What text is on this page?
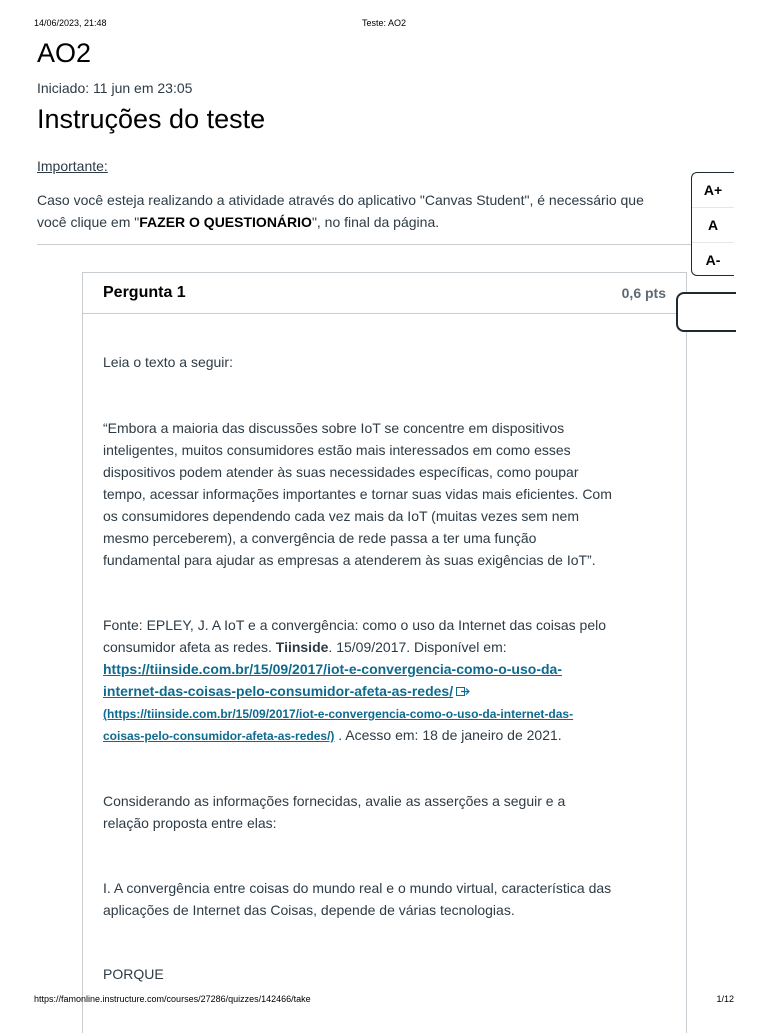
14/06/2023, 21:48	Teste: AO2
AO2
Iniciado: 11 jun em 23:05
Instruções do teste
Importante:
Caso você esteja realizando a atividade através do aplicativo "Canvas Student", é necessário que
você clique em "FAZER O QUESTIONÁRIO", no final da página.
Pergunta 1	0,6 pts
Leia o texto a seguir:
“Embora a maioria das discussões sobre IoT se concentre em dispositivos
inteligentes, muitos consumidores estão mais interessados em como esses
dispositivos podem atender às suas necessidades específicas, como poupar
tempo, acessar informações importantes e tornar suas vidas mais eficientes. Com
os consumidores dependendo cada vez mais da IoT (muitas vezes sem nem
mesmo perceberem), a convergência de rede passa a ter uma função
fundamental para ajudar as empresas a atenderem às suas exigências de IoT”.
Fonte: EPLEY, J. A IoT e a convergência: como o uso da Internet das coisas pelo
consumidor afeta as redes. Tiinside. 15/09/2017. Disponível em:
https://tiinside.com.br/15/09/2017/iot-e-convergencia-como-o-uso-da-
internet-das-coisas-pelo-consumidor-afeta-as-redes/
(https://tiinside.com.br/15/09/2017/iot-e-convergencia-como-o-uso-da-internet-das-
coisas-pelo-consumidor-afeta-as-redes/) . Acesso em: 18 de janeiro de 2021.
Considerando as informações fornecidas, avalie as asserções a seguir e a
relação proposta entre elas:
I. A convergência entre coisas do mundo real e o mundo virtual, característica das
aplicações de Internet das Coisas, depende de várias tecnologias.
PORQUE
A+
A
A-
https://famonline.instructure.com/courses/27286/quizzes/142466/take	1/12
